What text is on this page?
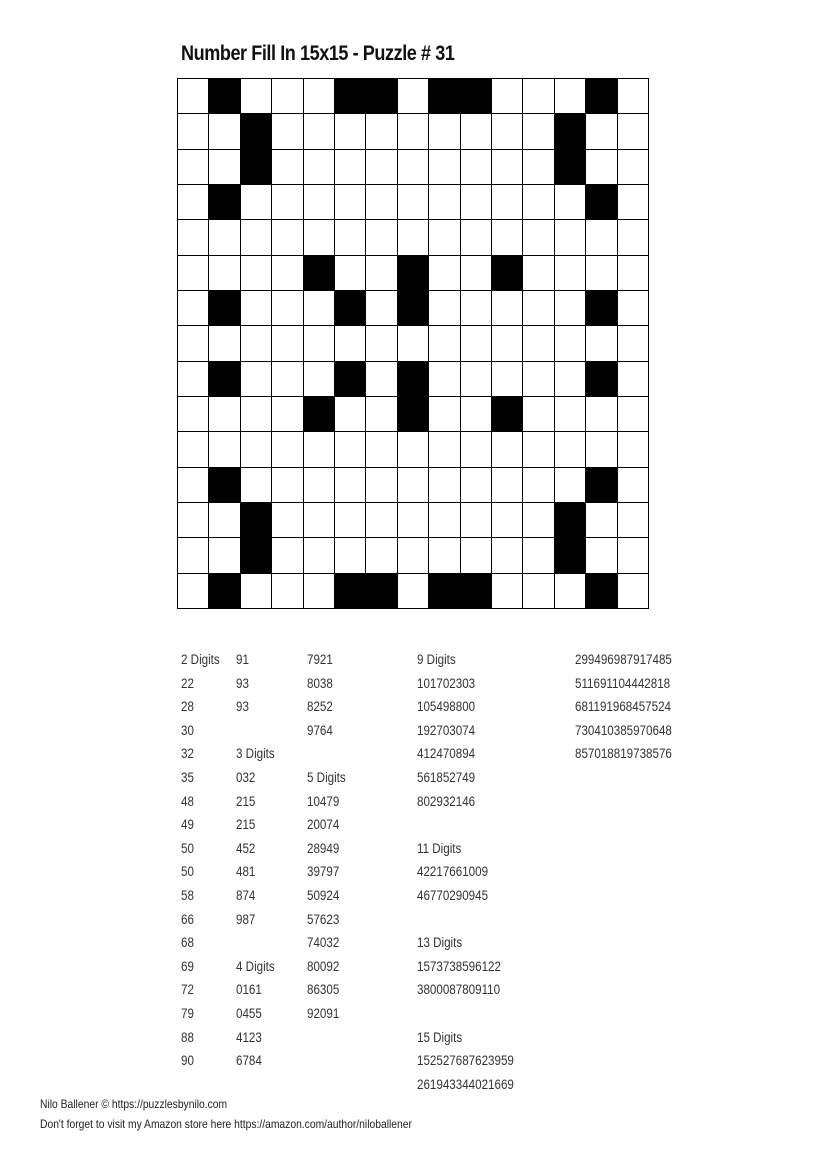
Number Fill In 15x15 - Puzzle # 31
2 Digits
22
28
30
32
35
48
49
50
50
58
66
68
69
72
79
88
90
91
93
93
3 Digits
032
215
215
452
481
874
987
4 Digits
0161
0455
4123
6784
7921
8038
8252
9764
5 Digits
10479
20074
28949
39797
50924
57623
74032
80092
86305
92091
9 Digits
101702303
105498800
192703074
412470894
561852749
802932146
11 Digits
42217661009
46770290945
13 Digits
1573738596122
3800087809110
15 Digits
152527687623959
261943344021669
299496987917485
511691104442818
681191968457524
730410385970648
857018819738576
Nilo Ballener © https://puzzlesbynilo.com
Don't forget to visit my Amazon store here https://amazon.com/author/niloballener
